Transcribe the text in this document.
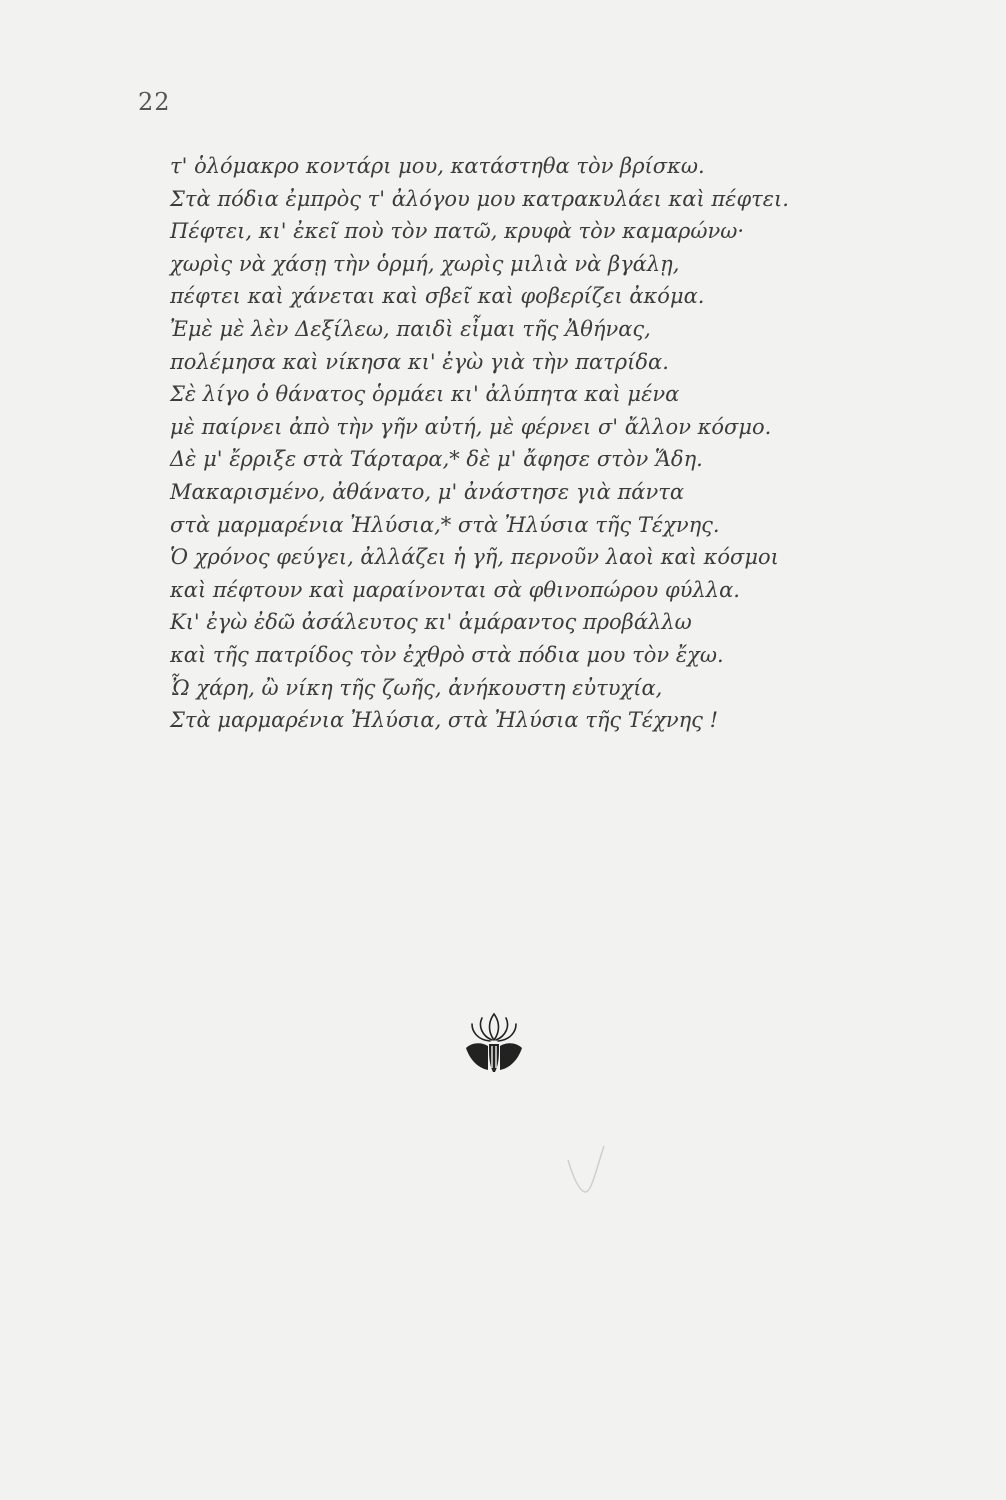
22
τ' ὁλόμακρο κοντάρι μου, κατάστηθα τὸν βρίσκω.
Στὰ πόδια ἐμπρὸς τ' ἀλόγου μου κατρακυλάει καὶ πέφτει.
Πέφτει, κι' ἐκεῖ ποὺ τὸν πατῶ, κρυφὰ τὸν καμαρώνω·
χωρὶς νὰ χάσῃ τὴν ὁρμή, χωρὶς μιλιὰ νὰ βγάλῃ,
πέφτει καὶ χάνεται καὶ σβεῖ καὶ φοβερίζει ἀκόμα.
Ἐμὲ μὲ λὲν Δεξίλεω, παιδὶ εἶμαι τῆς Ἀθήνας,
πολέμησα καὶ νίκησα κι' ἐγὼ γιὰ τὴν πατρίδα.
Σὲ λίγο ὁ θάνατος ὁρμάει κι' ἀλύπητα καὶ μένα
μὲ παίρνει ἀπὸ τὴν γῆν αὐτή, μὲ φέρνει σ' ἄλλον κόσμο.
Δὲ μ' ἔρριξε στὰ Τάρταρα,* δὲ μ' ἄφησε στὸν Ἅδη.
Μακαρισμένο, ἀθάνατο, μ' ἀνάστησε γιὰ πάντα
στὰ μαρμαρένια Ἠλύσια,* στὰ Ἠλύσια τῆς Τέχνης.
Ὁ χρόνος φεύγει, ἀλλάζει ἡ γῆ, περνοῦν λαοὶ καὶ κόσμοι
καὶ πέφτουν καὶ μαραίνονται σὰ φθινοπώρου φύλλα.
Κι' ἐγὼ ἐδῶ ἀσάλευτος κι' ἀμάραντος προβάλλω
καὶ τῆς πατρίδος τὸν ἐχθρὸ στὰ πόδια μου τὸν ἔχω.
Ὦ χάρη, ὢ νίκη τῆς ζωῆς, ἀνήκουστη εὐτυχία,
Στὰ μαρμαρένια Ἠλύσια, στὰ Ἠλύσια τῆς Τέχνης !
